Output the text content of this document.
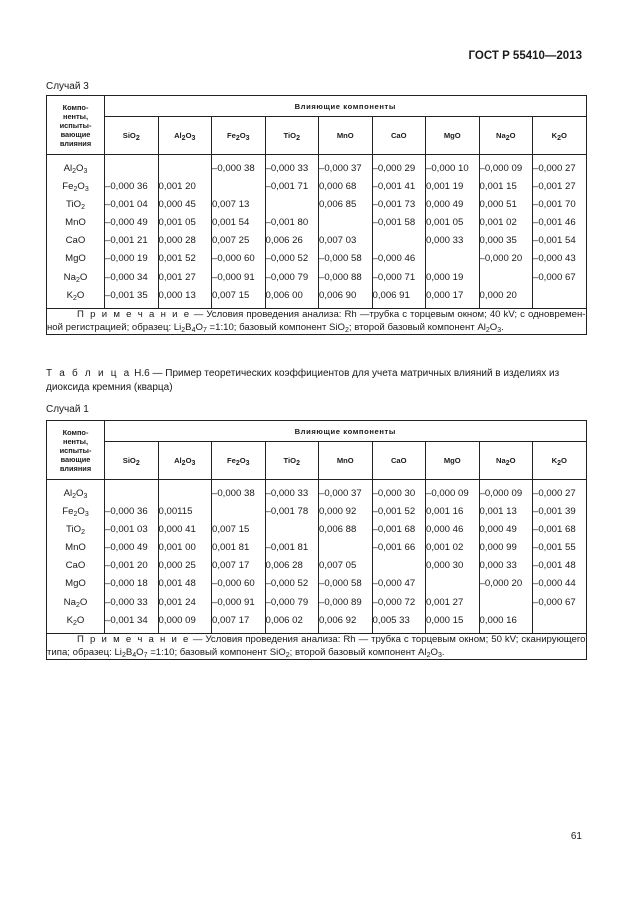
ГОСТ Р 55410—2013
Случай 3
Компо-
ненты,
испыты-
вающие
влияния	Влияющие компоненты								
	SiO$_2$	$Al_2O_3$	$Fe_2O_3$	TiO$_2$	MnO	CaO	MgO	$Na_2O$	$K_2O$
$Al_2O_3$			–0,000 38	–0,000 33	–0,000 37	–0,000 29	–0,000 10	–0,000 09	–0,000 27
$Fe_2O_3$	–0,000 36	0,001 20		–0,001 71	0,000 68	–0,001 41	0,001 19	0,001 15	–0,001 27
TiO$_2$	–0,001 04	0,000 45	0,007 13		0,006 85	–0,001 73	0,000 49	0,000 51	–0,001 70
MnO	–0,000 49	0,001 05	0,001 54	–0,001 80		–0,001 58	0,001 05	0,001 02	–0,001 46
CaO	–0,001 21	0,000 28	0,007 25	0,006 26	0,007 03		0,000 33	0,000 35	–0,001 54
MgO	–0,000 19	0,001 52	–0,000 60	–0,000 52	–0,000 58	–0,000 46		–0,000 20	–0,000 43
$Na_2O$	–0,000 34	0,001 27	–0,000 91	–0,000 79	–0,000 88	–0,000 71	0,000 19		–0,000 67
$K_2O$	–0,001 35	0,000 13	0,007 15	0,006 00	0,006 90	0,006 91	0,000 17	0,000 20	
П р и м е ч а н и е — Условия проведения анализа: Rh —трубка с торцевым окном; 40 kV; с одновремен-ной регистрацией; образец: $Li_2B_4O_7$ =1:10; базовый компонент SiO$_2$; второй базовый компонент $Al_2O_3$.									
Т а б л и ц а Н.6 — Пример теоретических коэффициентов для учета матричных влияний в изделиях из диоксида кремния (кварца)
Случай 1
Компо-
ненты,
испыты-
вающие
влияния	Влияющие компоненты								
	SiO$_2$	$Al_2O_3$	$Fe_2O_3$	TiO$_2$	MnO	CaO	MgO	$Na_2O$	$K_2O$
$Al_2O_3$			–0,000 38	–0,000 33	–0,000 37	–0,000 30	–0,000 09	–0,000 09	–0,000 27
$Fe_2O_3$	–0,000 36	0,00115		–0,001 78	0,000 92	–0,001 52	0,001 16	0,001 13	–0,001 39
TiO$_2$	–0,001 03	0,000 41	0,007 15		0,006 88	–0,001 68	0,000 46	0,000 49	–0,001 68
MnO	–0,000 49	0,001 00	0,001 81	–0,001 81		–0,001 66	0,001 02	0,000 99	–0,001 55
CaO	–0,001 20	0,000 25	0,007 17	0,006 28	0,007 05		0,000 30	0,000 33	–0,001 48
MgO	–0,000 18	0,001 48	–0,000 60	–0,000 52	–0,000 58	–0,000 47		–0,000 20	–0,000 44
$Na_2O$	–0,000 33	0,001 24	–0,000 91	–0,000 79	–0,000 89	–0,000 72	0,001 27		–0,000 67
$K_2O$	–0,001 34	0,000 09	0,007 17	0,006 02	0,006 92	0,005 33	0,000 15	0,000 16	
П р и м е ч а н и е — Условия проведения анализа: Rh — трубка с торцевым окном; 50 kV; сканирующего типа; образец: $Li_2B_4O_7$ =1:10; базовый компонент SiO$_2$; второй базовый компонент $Al_2O_3$.									
61
